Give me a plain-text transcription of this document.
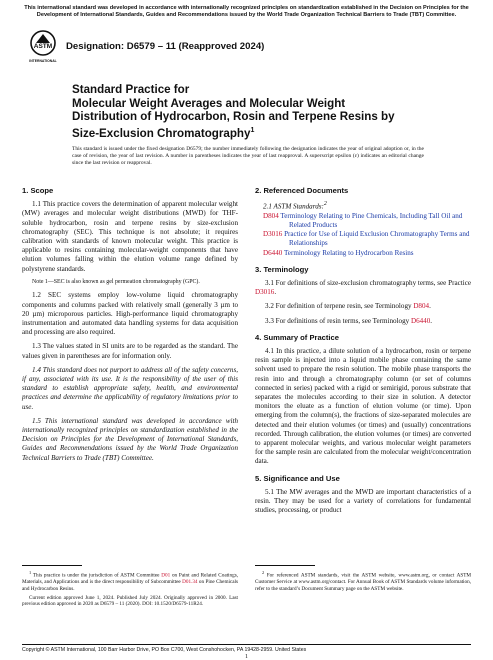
This international standard was developed in accordance with internationally recognized principles on standardization established in the Decision on Principles for the Development of International Standards, Guides and Recommendations issued by the World Trade Organization Technical Barriers to Trade (TBT) Committee.
ASTM
INTERNATIONAL
Designation: D6579 – 11 (Reapproved 2024)
Standard Practice for
Molecular Weight Averages and Molecular Weight
Distribution of Hydrocarbon, Rosin and Terpene Resins by
Size-Exclusion Chromatography$^1$
This standard is issued under the fixed designation D6579; the number immediately following the designation indicates the year of original adoption or, in the case of revision, the year of last revision. A number in parentheses indicates the year of last reapproval. A superscript epsilon (ε) indicates an editorial change since the last revision or reapproval.
1. Scope

1.1 This practice covers the determination of apparent molecular weight (MW) averages and molecular weight distributions (MWD) for THF-soluble hydrocarbon, rosin and terpene resins by size-exclusion chromatography (SEC). This technique is not absolute; it requires calibration with standards of known molecular weight. This practice is applicable to resins containing molecular-weight components that have elution volumes falling within the elution volume range defined by polystyrene standards.

Note 1—SEC is also known as gel permeation chromatography (GPC).

1.2 SEC systems employ low-volume liquid chromatography components and columns packed with relatively small (generally 3 µm to 20 µm) microporous particles. High-performance liquid chromatography instrumentation and automated data handling systems for data acquisition and processing are also required.

1.3 The values stated in SI units are to be regarded as the standard. The values given in parentheses are for information only.

1.4 This standard does not purport to address all of the safety concerns, if any, associated with its use. It is the responsibility of the user of this standard to establish appropriate safety, health, and environmental practices and determine the applicability of regulatory limitations prior to use.

1.5 This international standard was developed in accordance with internationally recognized principles on standardization established in the Decision on Principles for the Development of International Standards, Guides and Recommendations issued by the World Trade Organization Technical Barriers to Trade (TBT) Committee.

2. Referenced Documents
2.1 ASTM Standards:$^2$
D804 Terminology Relating to Pine Chemicals, Including Tall Oil and Related Products
D3016 Practice for Use of Liquid Exclusion Chromatography Terms and Relationships
D6440 Terminology Relating to Hydrocarbon Resins
3. Terminology

3.1 For definitions of size-exclusion chromatography terms, see Practice D3016.

3.2 For definition of terpene resin, see Terminology D804.

3.3 For definitions of resin terms, see Terminology D6440.

4. Summary of Practice

4.1 In this practice, a dilute solution of a hydrocarbon, rosin or terpene resin sample is injected into a liquid mobile phase containing the same solvent used to prepare the resin solution. The mobile phase transports the resin into and through a chromatography column (or set of columns connected in series) packed with a rigid or semirigid, porous substrate that separates the molecules according to their size in solution. A detector monitors the eluate as a function of elution volume (or time). Upon emerging from the column(s), the fractions of size-separated molecules are detected and their elution volumes (or times) and (usually) concentrations recorded. Through calibration, the elution volumes (or times) are converted to apparent molecular weights, and various molecular weight parameters for the sample resin are calculated from the molecular weight/concentration data.

5. Significance and Use

5.1 The MW averages and the MWD are important characteristics of a resin. They may be used for a variety of correlations for fundamental studies, processing, or product

$^1$ This practice is under the jurisdiction of ASTM Committee D01 on Paint and Related Coatings, Materials, and Applications and is the direct responsibility of Subcommittee D01.34 on Pine Chemicals and Hydrocarbon Resins.

Current edition approved June 1, 2024. Published July 2024. Originally approved in 2000. Last previous edition approved in 2020 as D6579 – 11 (2020). DOI: 10.1520/D6579-11R24.

$^2$ For referenced ASTM standards, visit the ASTM website, www.astm.org, or contact ASTM Customer Service at www.astm.org/contact. For Annual Book of ASTM Standards volume information, refer to the standard’s Document Summary page on the ASTM website.

Copyright © ASTM International, 100 Barr Harbor Drive, PO Box C700, West Conshohocken, PA 19428-2959. United States
1
